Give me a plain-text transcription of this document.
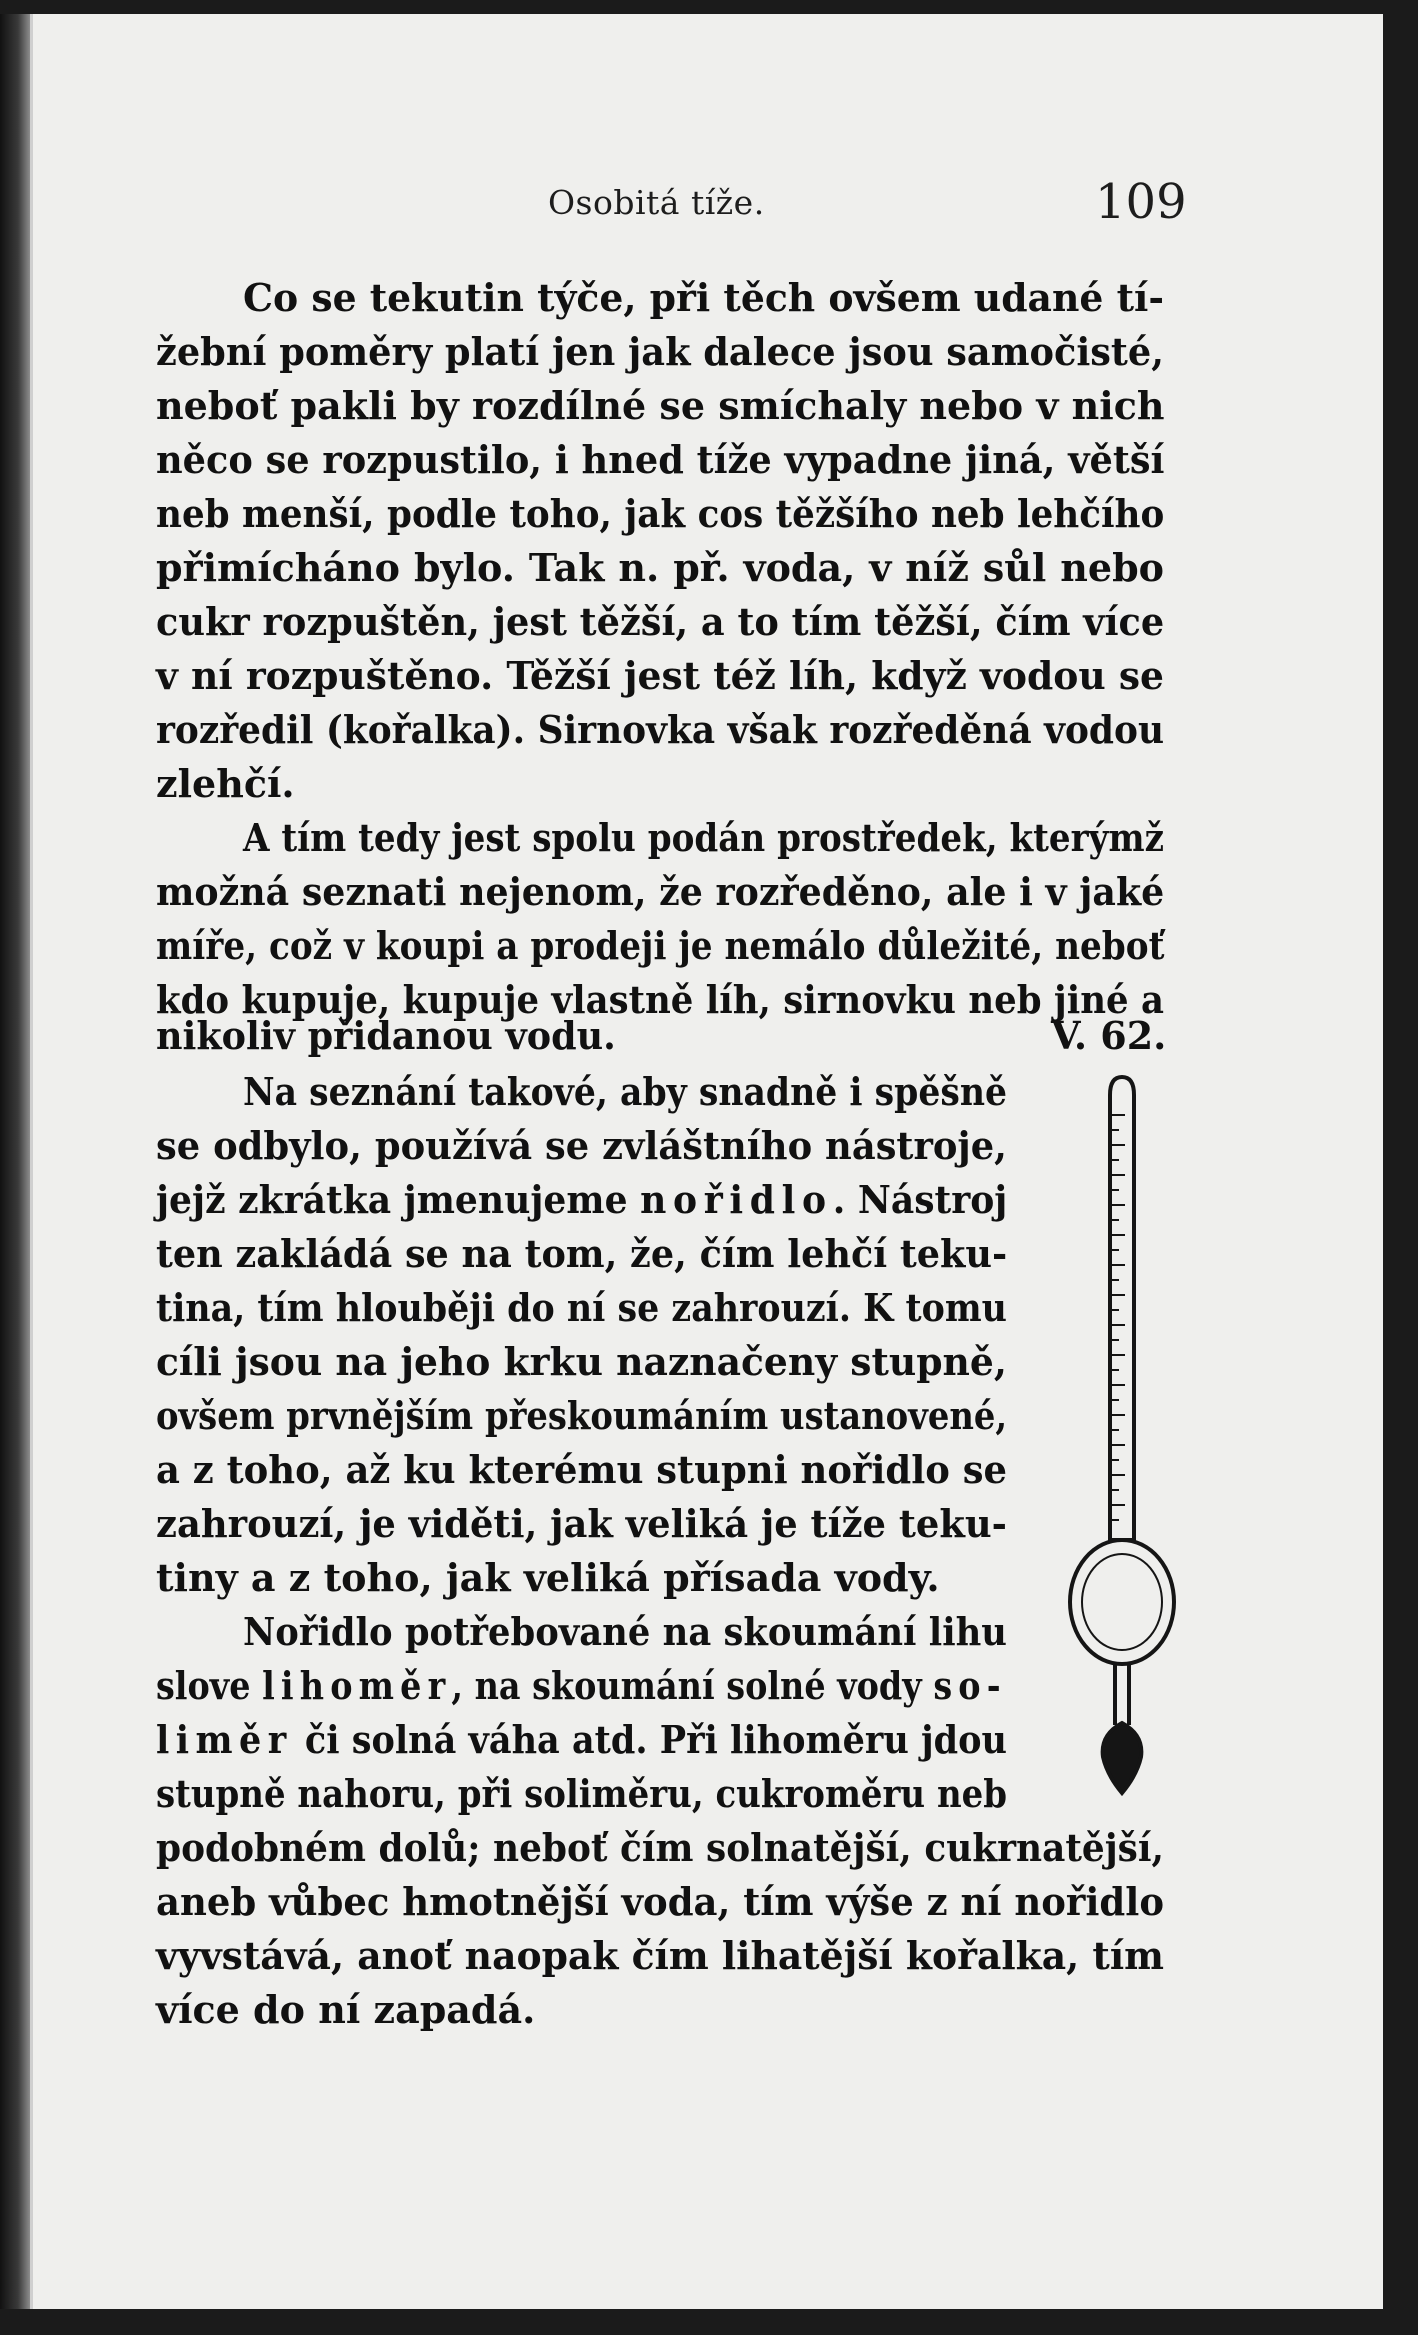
Osobitá tíže.	109
Co se tekutin týče, při těch ovšem udané tí-
žební poměry platí jen jak dalece jsou samočisté,
neboť pakli by rozdílné se smíchaly nebo v nich
něco se rozpustilo, i hned tíže vypadne jiná, větší
neb menší, podle toho, jak cos těžšího neb lehčího
přimícháno bylo. Tak n. př. voda, v níž sůl nebo
cukr rozpuštěn, jest těžší, a to tím těžší, čím více
v ní rozpuštěno. Těžší jest též líh, když vodou se
rozředil (kořalka). Sirnovka však rozředěná vodou
zlehčí.
A tím tedy jest spolu podán prostředek, kterýmž
možná seznati nejenom, že rozředěno, ale i v jaké
míře, což v koupi a prodeji je nemálo důležité, neboť
kdo kupuje, kupuje vlastně líh, sirnovku neb jiné a
nikoliv přidanou vodu.	V. 62.
Na seznání takové, aby snadně i spěšně
se odbylo, používá se zvláštního nástroje,
jejž zkrátka jmenujeme nořidlo. Nástroj
ten zakládá se na tom, že, čím lehčí teku-
tina, tím hlouběji do ní se zahrouzí. K tomu
cíli jsou na jeho krku naznačeny stupně,
ovšem prvnějším přeskoumáním ustanovené,
a z toho, až ku kterému stupni nořidlo se
zahrouzí, je viděti, jak veliká je tíže teku-
tiny a z toho, jak veliká přísada vody.
Nořidlo potřebované na skoumání lihu
slove lihoměr, na skoumání solné vody so-
liměr či solná váha atd. Při lihoměru jdou
stupně nahoru, při soliměru, cukroměru neb
podobném dolů; neboť čím solnatější, cukrnatější,
aneb vůbec hmotnější voda, tím výše z ní nořidlo
vyvstává, anoť naopak čím lihatější kořalka, tím
více do ní zapadá.
